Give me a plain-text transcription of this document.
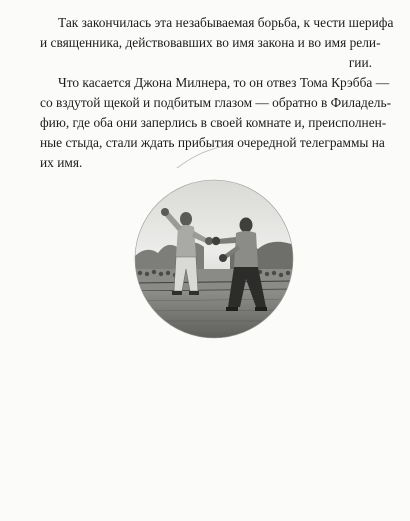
Так закончилась эта незабываемая борьба, к чести шерифа
и священника, действовавших во имя закона и во имя рели-
гии.
Что касается Джона Милнера, то он отвез Тома Крэбба —
со вздутой щекой и подбитым глазом — обратно в Филадель-
фию, где оба они заперлись в своей комнате и, преисполнен-
ные стыда, стали ждать прибытия очередной телеграммы на
их имя.
